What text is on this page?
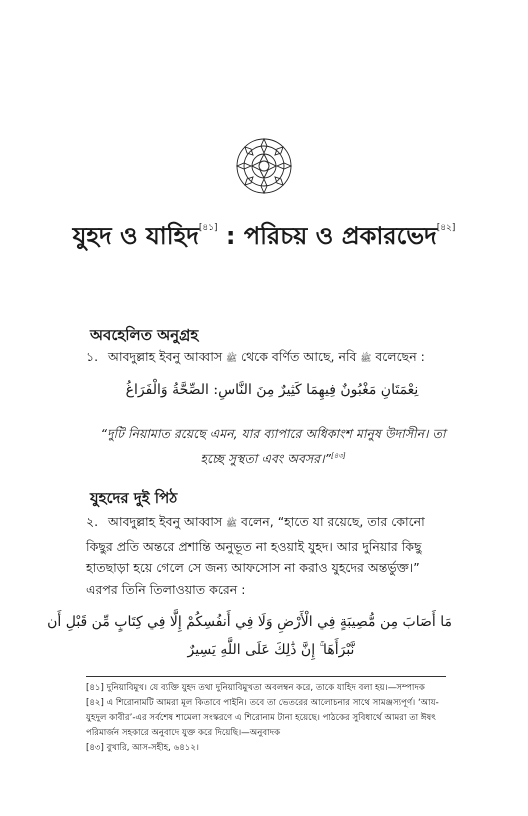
যুহদ ও যাহিদ[৪১] : পরিচয় ও প্রকারভেদ[৪২]
অবহেলিত অনুগ্রহ
১. আবদুল্লাহ ইবনু আব্বাস ﷺ থেকে বর্ণিত আছে, নবি ﷺ বলেছেন :
نِعْمَتَانِ مَغْبُونٌ فِيهِمَا كَثِيرٌ مِنَ النَّاسِ: الصِّحَّةُ وَالْفَرَاغُ
“দুটি নিয়ামাত রয়েছে এমন, যার ব্যাপারে অধিকাংশ মানুষ উদাসীন। তা হচ্ছে সুস্থতা এবং অবসর।”[৪৩]
যুহদের দুই পিঠ
২. আবদুল্লাহ ইবনু আব্বাস ﷺ বলেন, “হাতে যা রয়েছে, তার কোনো কিছুর প্রতি অন্তরে প্রশান্তি অনুভূত না হওয়াই যুহদ। আর দুনিয়ার কিছু হাতছাড়া হয়ে গেলে সে জন্য আফসোস না করাও যুহদের অন্তর্ভুক্ত।” এরপর তিনি তিলাওয়াত করেন :
مَا أَصَابَ مِن مُّصِيبَةٍ فِي الْأَرْضِ وَلَا فِي أَنفُسِكُمْ إِلَّا فِي كِتَابٍ مِّن قَبْلِ أَن
نَّبْرَأَهَا ۚ إِنَّ ذَٰلِكَ عَلَى اللَّهِ يَسِيرٌ

[৪১] দুনিয়াবিমুখ। যে ব্যক্তি যুহদ তথা দুনিয়াবিমুখতা অবলম্বন করে, তাকে যাহিদ বলা হয়।—সম্পাদক

[৪২] এ শিরোনামটি আমরা মূল কিতাবে পাইনি। তবে তা ভেতরের আলোচনার সাথে সামঞ্জস্যপূর্ণ। ‘আয-যুহদুল কাবীর’-এর সর্বশেষ শামেলা সংস্করণে এ শিরোনাম টানা হয়েছে। পাঠকের সুবিধার্থে আমরা তা ঈষৎ পরিমার্জন সহকারে অনুবাদে যুক্ত করে দিয়েছি।—অনুবাদক

[৪৩] বুখারি, আস-সহীহ, ৬৪১২।
